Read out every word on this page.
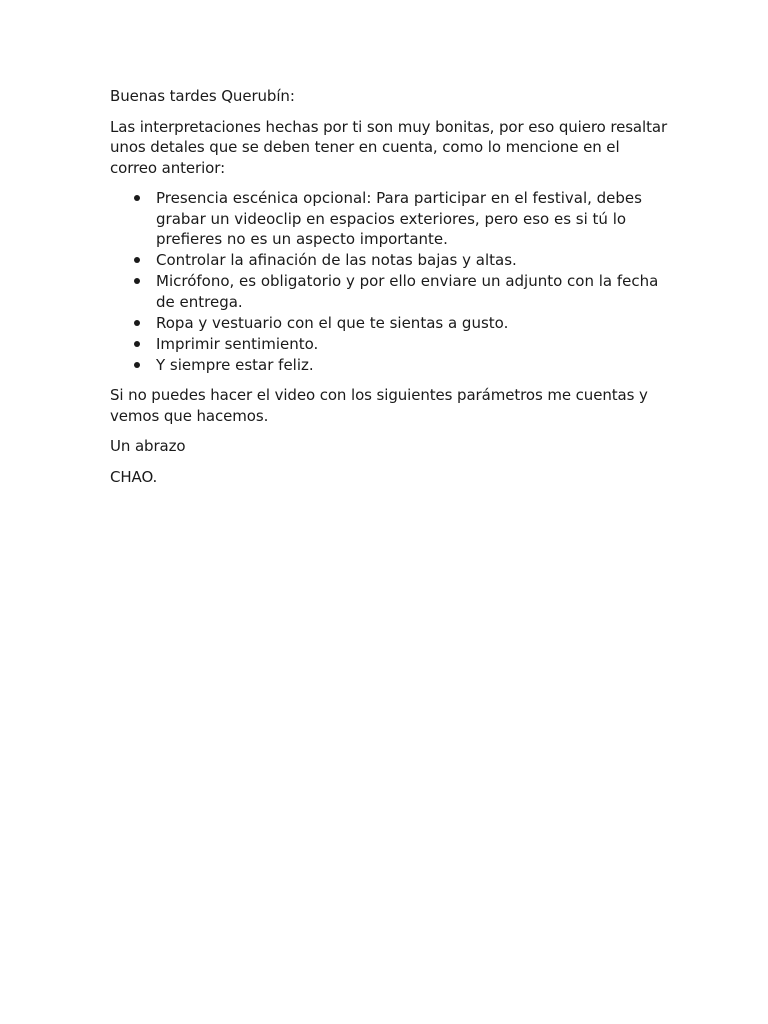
Buenas tardes Querubín:

Las interpretaciones hechas por ti son muy bonitas, por eso quiero resaltar unos detales que se deben tener en cuenta, como lo mencione en el correo anterior:

Presencia escénica opcional: Para participar en el festival, debes grabar un videoclip en espacios exteriores, pero eso es si tú lo prefieres no es un aspecto importante.
Controlar la afinación de las notas bajas y altas.
Micrófono, es obligatorio y por ello enviare un adjunto con la fecha de entrega.
Ropa y vestuario con el que te sientas a gusto.
Imprimir sentimiento.
Y siempre estar feliz.

Si no puedes hacer el video con los siguientes parámetros me cuentas y vemos que hacemos.

Un abrazo

CHAO.
